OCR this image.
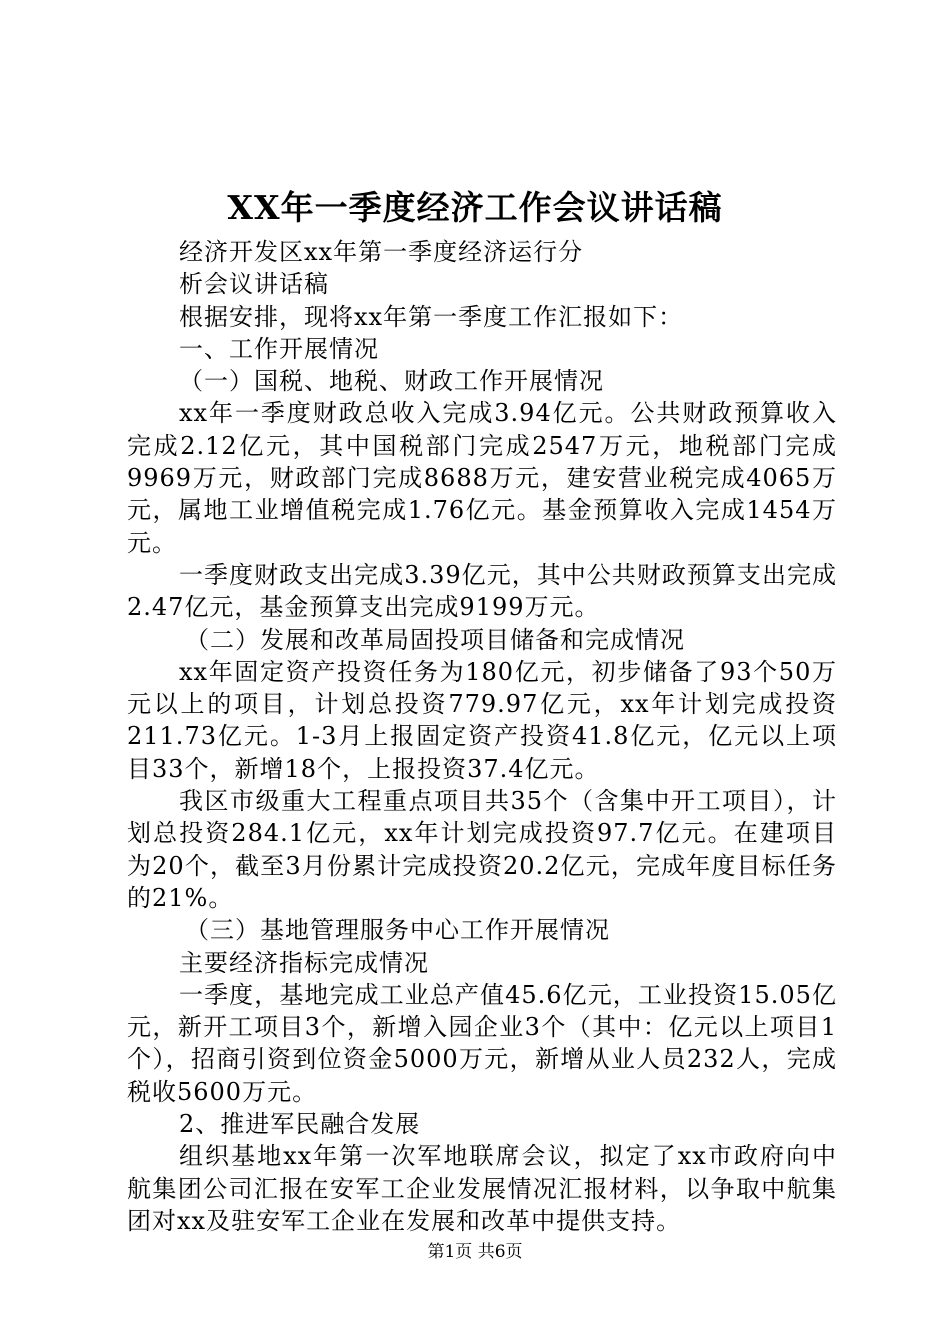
XX年一季度经济工作会议讲话稿
经济开发区xx年第一季度经济运行分
析会议讲话稿
根据安排，现将xx年第一季度工作汇报如下：
一、工作开展情况
（一）国税、地税、财政工作开展情况

xx年一季度财政总收入完成3.94亿元。公共财政预算收入完成2.12亿元，其中国税部门完成2547万元，地税部门完成9969万元，财政部门完成8688万元，建安营业税完成4065万元，属地工业增值税完成1.76亿元。基金预算收入完成1454万元。

一季度财政支出完成3.39亿元，其中公共财政预算支出完成2.47亿元，基金预算支出完成9199万元。

（二）发展和改革局固投项目储备和完成情况

xx年固定资产投资任务为180亿元，初步储备了93个50万元以上的项目，计划总投资779.97亿元，xx年计划完成投资211.73亿元。1-3月上报固定资产投资41.8亿元，亿元以上项目33个，新增18个，上报投资37.4亿元。

我区市级重大工程重点项目共35个（含集中开工项目），计划总投资284.1亿元，xx年计划完成投资97.7亿元。在建项目为20个，截至3月份累计完成投资20.2亿元，完成年度目标任务的21%。

（三）基地管理服务中心工作开展情况
主要经济指标完成情况

一季度，基地完成工业总产值45.6亿元，工业投资15.05亿元，新开工项目3个，新增入园企业3个（其中：亿元以上项目1个），招商引资到位资金5000万元，新增从业人员232人，完成税收5600万元。

2、推进军民融合发展

组织基地xx年第一次军地联席会议，拟定了xx市政府向中航集团公司汇报在安军工企业发展情况汇报材料，以争取中航集团对xx及驻安军工企业在发展和改革中提供支持。

第1页 共6页
